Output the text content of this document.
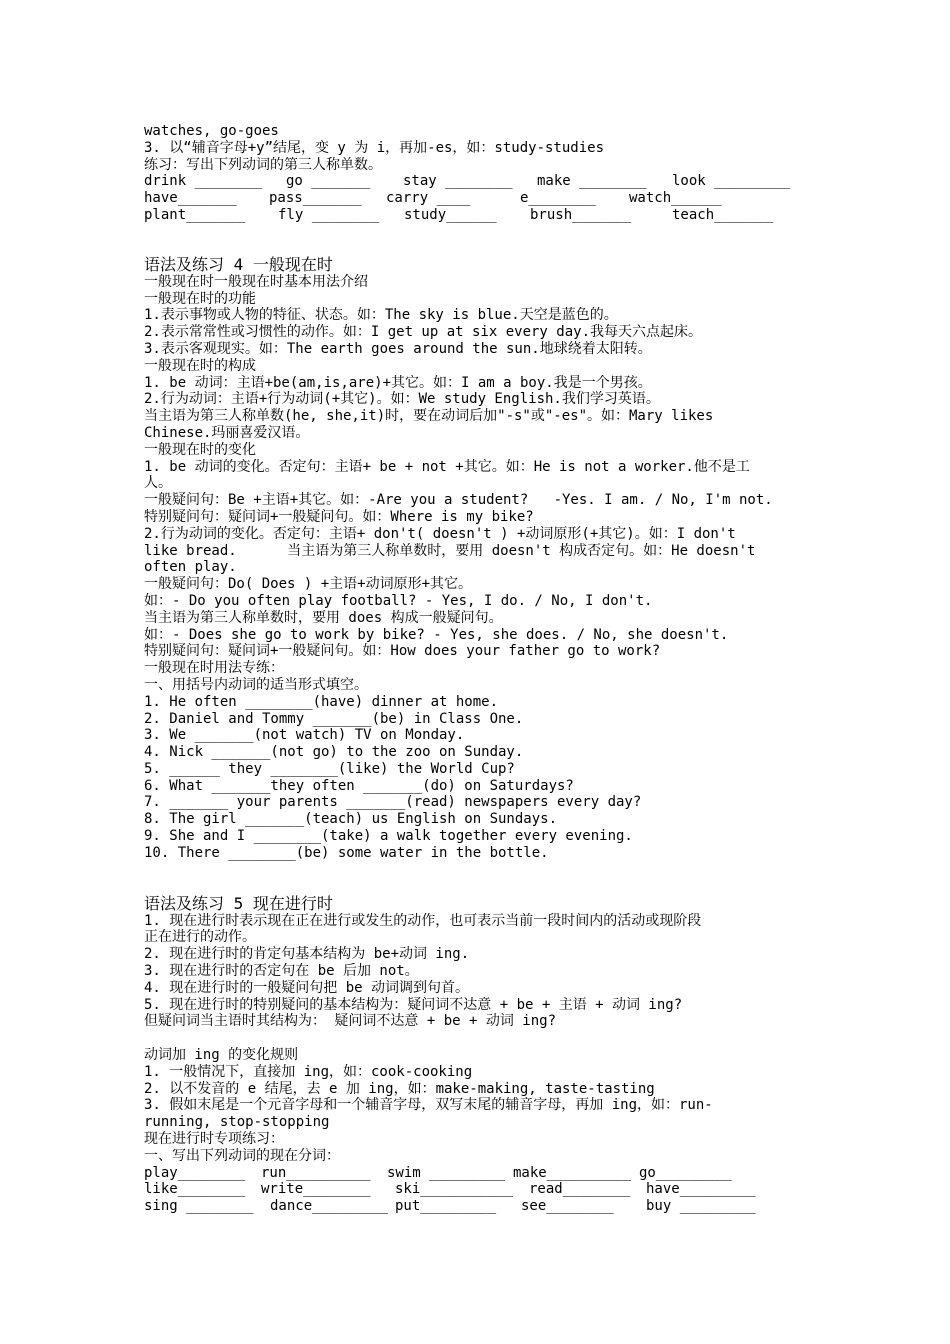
watches, go-goes
3. 以“辅音字母+y”结尾，变 y 为 i，再加-es，如：study-studies
练习：写出下列动词的第三人称单数。
drink ________ go _______ stay ________ make ________ look _________
have_______ pass_______ carry ____	e________ watch______
plant_______ fly ________ study______ brush_______	teach_______
语法及练习 4 一般现在时
一般现在时一般现在时基本用法介绍
一般现在时的功能
1.表示事物或人物的特征、状态。如：The sky is blue.天空是蓝色的。
2.表示常常性或习惯性的动作。如：I get up at six every day.我每天六点起床。
3.表示客观现实。如：The earth goes around the sun.地球绕着太阳转。
一般现在时的构成
1. be 动词：主语+be(am,is,are)+其它。如：I am a boy.我是一个男孩。
2.行为动词：主语+行为动词(+其它)。如：We study English.我们学习英语。
当主语为第三人称单数(he, she,it)时，要在动词后加"-s"或"-es"。如：Mary likes
Chinese.玛丽喜爱汉语。
一般现在时的变化
1. be 动词的变化。否定句：主语+ be + not +其它。如：He is not a worker.他不是工
人。
一般疑问句：Be +主语+其它。如：-Are you a student?   -Yes. I am. / No, I'm not.
特别疑问句：疑问词+一般疑问句。如：Where is my bike?
2.行为动词的变化。否定句：主语+ don't( doesn't ) +动词原形(+其它)。如：I don't
like bread.      当主语为第三人称单数时，要用 doesn't 构成否定句。如：He doesn't
often play.
一般疑问句：Do( Does ) +主语+动词原形+其它。
如：- Do you often play football? - Yes, I do. / No, I don't.
当主语为第三人称单数时，要用 does 构成一般疑问句。
如：- Does she go to work by bike? - Yes, she does. / No, she doesn't.
特别疑问句：疑问词+一般疑问句。如：How does your father go to work?
一般现在时用法专练：
一、用括号内动词的适当形式填空。
1. He often ________(have) dinner at home.
2. Daniel and Tommy _______(be) in Class One.
3. We _______(not watch) TV on Monday.
4. Nick _______(not go) to the zoo on Sunday.
5. ______ they ________(like) the World Cup?
6. What _______they often _______(do) on Saturdays?
7. _______ your parents _______(read) newspapers every day?
8. The girl _______(teach) us English on Sundays.
9. She and I ________(take) a walk together every evening.
10. There ________(be) some water in the bottle.
语法及练习 5 现在进行时
1. 现在进行时表示现在正在进行或发生的动作，也可表示当前一段时间内的活动或现阶段
正在进行的动作。
2. 现在进行时的肯定句基本结构为 be+动词 ing.
3. 现在进行时的否定句在 be 后加 not。
4. 现在进行时的一般疑问句把 be 动词调到句首。
5. 现在进行时的特别疑问的基本结构为：疑问词不达意 + be + 主语 + 动词 ing?
但疑问词当主语时其结构为： 疑问词不达意 + be + 动词 ing?
动词加 ing 的变化规则
1. 一般情况下，直接加 ing，如：cook-cooking
2. 以不发音的 e 结尾，去 e 加 ing，如：make-making, taste-tasting
3. 假如末尾是一个元音字母和一个辅音字母，双写末尾的辅音字母，再加 ing，如：run-
running, stop-stopping
现在进行时专项练习：
一、写出下列动词的现在分词：
play________ run__________ swim _________ make__________ go_________
like________ write________ ski___________ read________ have_________
sing ________ dance_________ put_________ see________ buy _________
